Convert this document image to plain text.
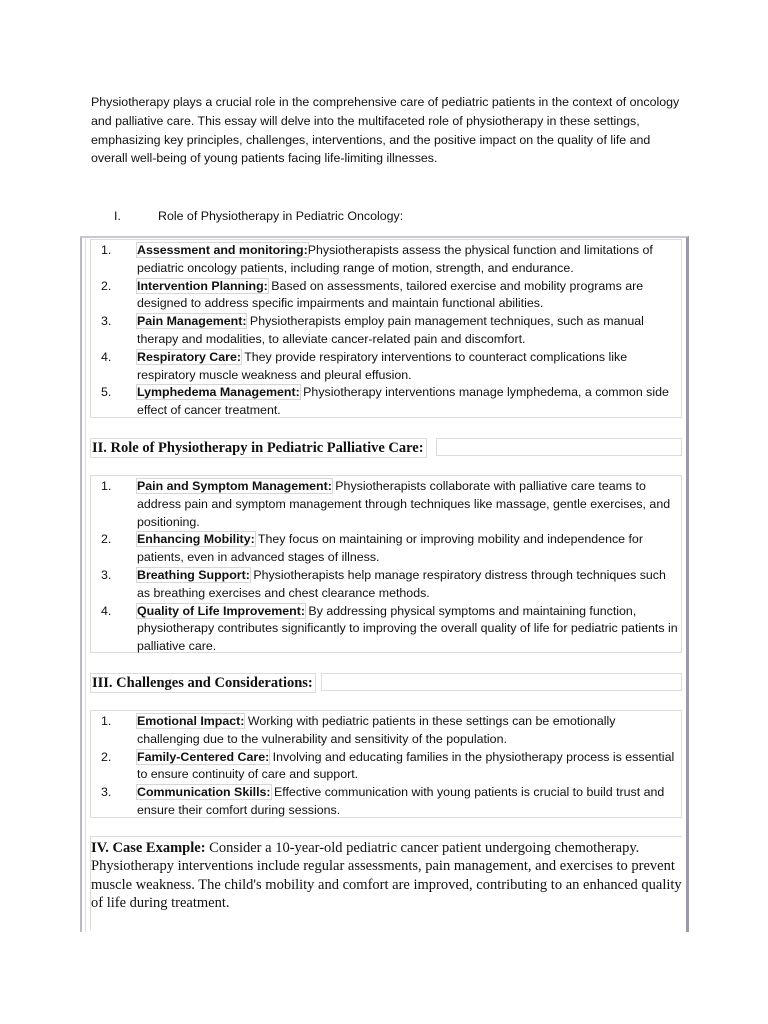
Physiotherapy plays a crucial role in the comprehensive care of pediatric patients in the context of oncology and palliative care. This essay will delve into the multifaceted role of physiotherapy in these settings, emphasizing key principles, challenges, interventions, and the positive impact on the quality of life and overall well-being of young patients facing life-limiting illnesses.

I.	Role of Physiotherapy in Pediatric Oncology:
1. Assessment and monitoring:Physiotherapists assess the physical function and limitations of pediatric oncology patients, including range of motion, strength, and endurance.
2. Intervention Planning: Based on assessments, tailored exercise and mobility programs are designed to address specific impairments and maintain functional abilities.
3. Pain Management: Physiotherapists employ pain management techniques, such as manual therapy and modalities, to alleviate cancer-related pain and discomfort.
4. Respiratory Care: They provide respiratory interventions to counteract complications like respiratory muscle weakness and pleural effusion.
5. Lymphedema Management: Physiotherapy interventions manage lymphedema, a common side effect of cancer treatment.
II. Role of Physiotherapy in Pediatric Palliative Care:
1. Pain and Symptom Management: Physiotherapists collaborate with palliative care teams to address pain and symptom management through techniques like massage, gentle exercises, and positioning.
2. Enhancing Mobility: They focus on maintaining or improving mobility and independence for patients, even in advanced stages of illness.
3. Breathing Support: Physiotherapists help manage respiratory distress through techniques such as breathing exercises and chest clearance methods.
4. Quality of Life Improvement: By addressing physical symptoms and maintaining function, physiotherapy contributes significantly to improving the overall quality of life for pediatric patients in palliative care.
III. Challenges and Considerations:
1. Emotional Impact: Working with pediatric patients in these settings can be emotionally challenging due to the vulnerability and sensitivity of the population.
2. Family-Centered Care: Involving and educating families in the physiotherapy process is essential to ensure continuity of care and support.
3. Communication Skills: Effective communication with young patients is crucial to build trust and ensure their comfort during sessions.
IV. Case Example: Consider a 10-year-old pediatric cancer patient undergoing chemotherapy. Physiotherapy interventions include regular assessments, pain management, and exercises to prevent muscle weakness. The child's mobility and comfort are improved, contributing to an enhanced quality of life during treatment.
